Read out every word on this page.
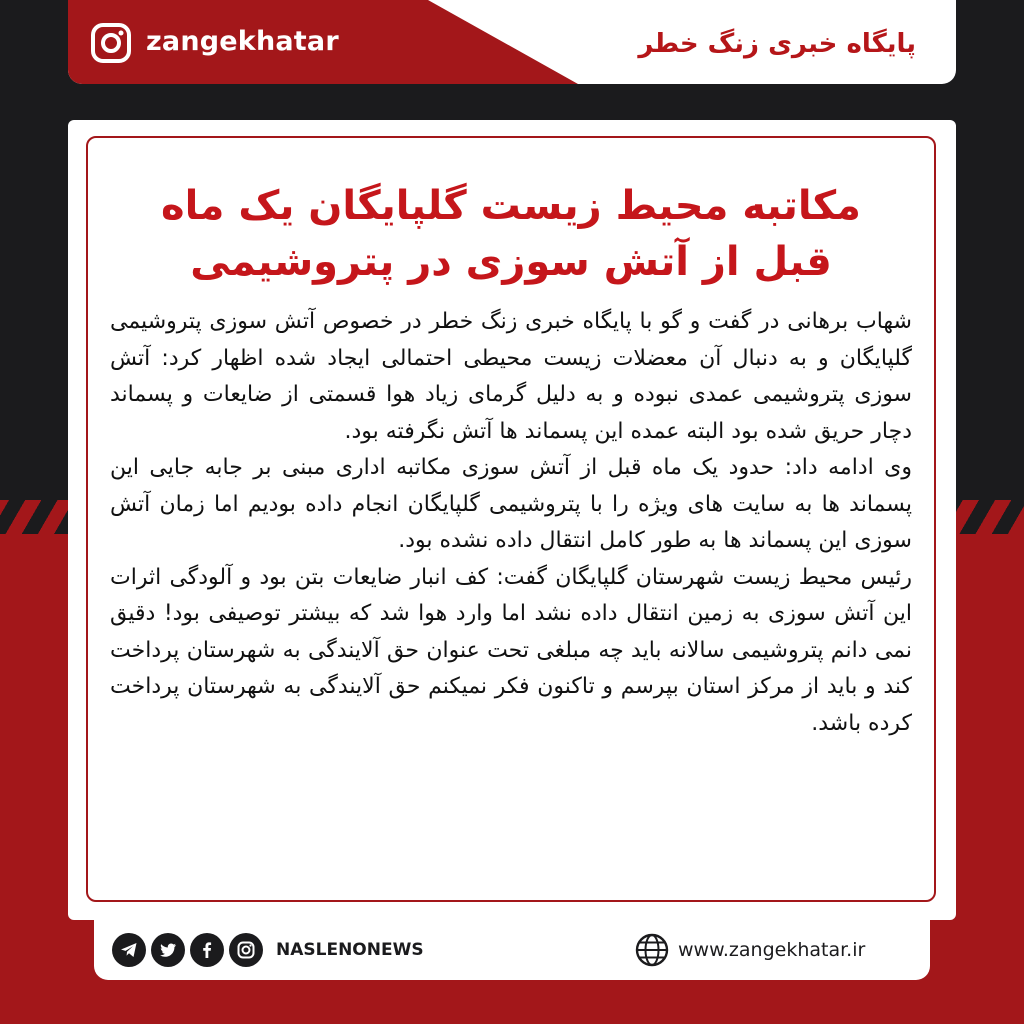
zangekhatar	پایگاه خبری زنگ خطر
مکاتبه محیط زیست گلپایگان یک ماه
قبل از آتش سوزی در پتروشیمی

شهاب برهانی در گفت و گو با پایگاه خبری زنگ خطر در خصوص آتش سوزی پتروشیمی گلپایگان و به دنبال آن معضلات زیست محیطی احتمالی ایجاد شده اظهار کرد: آتش سوزی پتروشیمی عمدی نبوده و به دلیل گرمای زیاد هوا قسمتی از ضایعات و پسماند دچار حریق شده بود البته عمده این پسماند ها آتش نگرفته بود.

وی ادامه داد: حدود یک ماه قبل از آتش سوزی مکاتبه اداری مبنی بر جابه جایی این پسماند ها به سایت های ویژه را با پتروشیمی گلپایگان انجام داده بودیم اما زمان آتش سوزی این پسماند ها به طور کامل انتقال داده نشده بود.

رئیس محیط زیست شهرستان گلپایگان گفت: کف انبار ضایعات بتن بود و آلودگی اثرات این آتش سوزی به زمین انتقال داده نشد اما وارد هوا شد که بیشتر توصیفی بود! دقیق نمی دانم پتروشیمی سالانه باید چه مبلغی تحت عنوان حق آلایندگی به شهرستان پرداخت کند و باید از مرکز استان بپرسم و تاکنون فکر نمیکنم حق آلایندگی به شهرستان پرداخت کرده باشد.

NASLENONEWS	www.zangekhatar.ir
